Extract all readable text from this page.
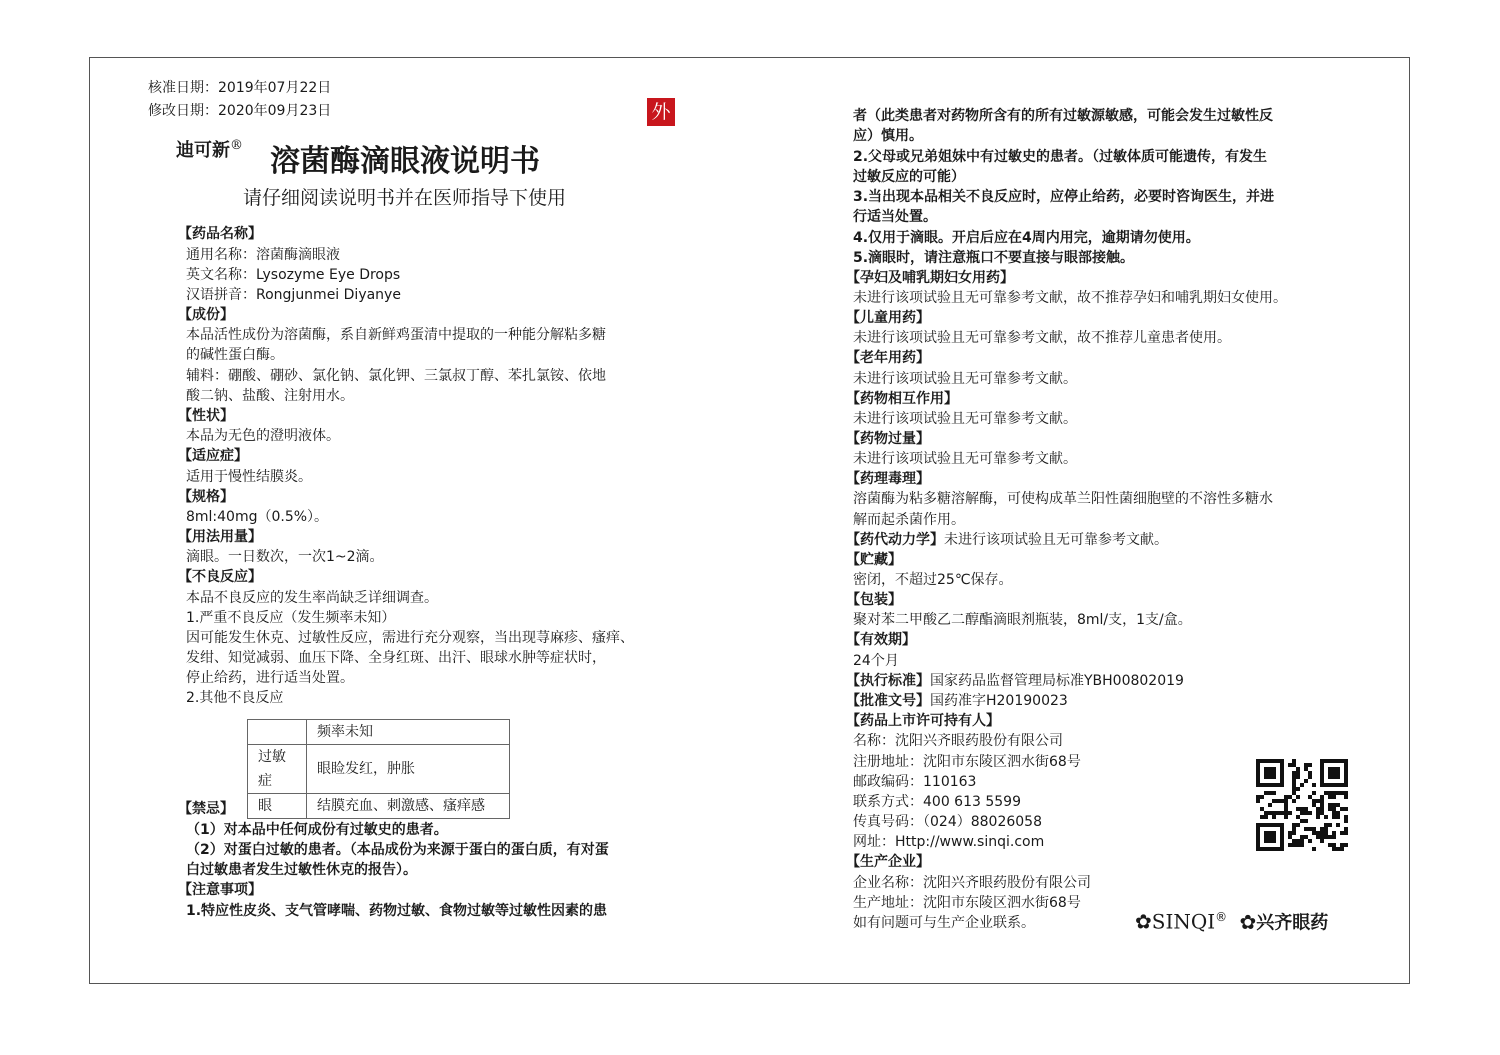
核准日期：2019年07月22日
修改日期：2020年09月23日	外
迪可新® 溶菌酶滴眼液说明书
请仔细阅读说明书并在医师指导下使用
【药品名称】
通用名称：溶菌酶滴眼液
英文名称：Lysozyme Eye Drops
汉语拼音：Rongjunmei Diyanye
【成份】
本品活性成份为溶菌酶，系自新鲜鸡蛋清中提取的一种能分解粘多糖
的碱性蛋白酶。
辅料：硼酸、硼砂、氯化钠、氯化钾、三氯叔丁醇、苯扎氯铵、依地
酸二钠、盐酸、注射用水。
【性状】
本品为无色的澄明液体。
【适应症】
适用于慢性结膜炎。
【规格】
8ml:40mg（0.5%）。
【用法用量】
滴眼。一日数次，一次1~2滴。
【不良反应】
本品不良反应的发生率尚缺乏详细调查。
1.严重不良反应（发生频率未知）
因可能发生休克、过敏性反应，需进行充分观察，当出现荨麻疹、瘙痒、
发绀、知觉减弱、血压下降、全身红斑、出汗、眼球水肿等症状时，
停止给药，进行适当处置。
2.其他不良反应
	频率未知
过敏症	眼睑发红，肿胀
眼	结膜充血、刺激感、瘙痒感
【禁忌】
（1）对本品中任何成份有过敏史的患者。
（2）对蛋白过敏的患者。（本品成份为来源于蛋白的蛋白质，有对蛋
白过敏患者发生过敏性休克的报告）。
【注意事项】
1.特应性皮炎、支气管哮喘、药物过敏、食物过敏等过敏性因素的患
者（此类患者对药物所含有的所有过敏源敏感，可能会发生过敏性反
应）慎用。
2.父母或兄弟姐妹中有过敏史的患者。（过敏体质可能遗传，有发生
过敏反应的可能）
3.当出现本品相关不良反应时，应停止给药，必要时咨询医生，并进
行适当处置。
4.仅用于滴眼。开启后应在4周内用完，逾期请勿使用。
5.滴眼时，请注意瓶口不要直接与眼部接触。
【孕妇及哺乳期妇女用药】
未进行该项试验且无可靠参考文献，故不推荐孕妇和哺乳期妇女使用。
【儿童用药】
未进行该项试验且无可靠参考文献，故不推荐儿童患者使用。
【老年用药】
未进行该项试验且无可靠参考文献。
【药物相互作用】
未进行该项试验且无可靠参考文献。
【药物过量】
未进行该项试验且无可靠参考文献。
【药理毒理】
溶菌酶为粘多糖溶解酶，可使构成革兰阳性菌细胞壁的不溶性多糖水
解而起杀菌作用。
【药代动力学】未进行该项试验且无可靠参考文献。
【贮藏】
密闭，不超过25℃保存。
【包装】
聚对苯二甲酸乙二醇酯滴眼剂瓶装，8ml/支，1支/盒。
【有效期】
24个月
【执行标准】国家药品监督管理局标准YBH00802019
【批准文号】国药准字H20190023
【药品上市许可持有人】
名称：沈阳兴齐眼药股份有限公司
注册地址：沈阳市东陵区泗水街68号
邮政编码：110163
联系方式：400 613 5599
传真号码：（024）88026058
网址：Http://www.sinqi.com
【生产企业】
企业名称：沈阳兴齐眼药股份有限公司
生产地址：沈阳市东陵区泗水街68号
如有问题可与生产企业联系。	✿SINQI® ✿兴齐眼药
